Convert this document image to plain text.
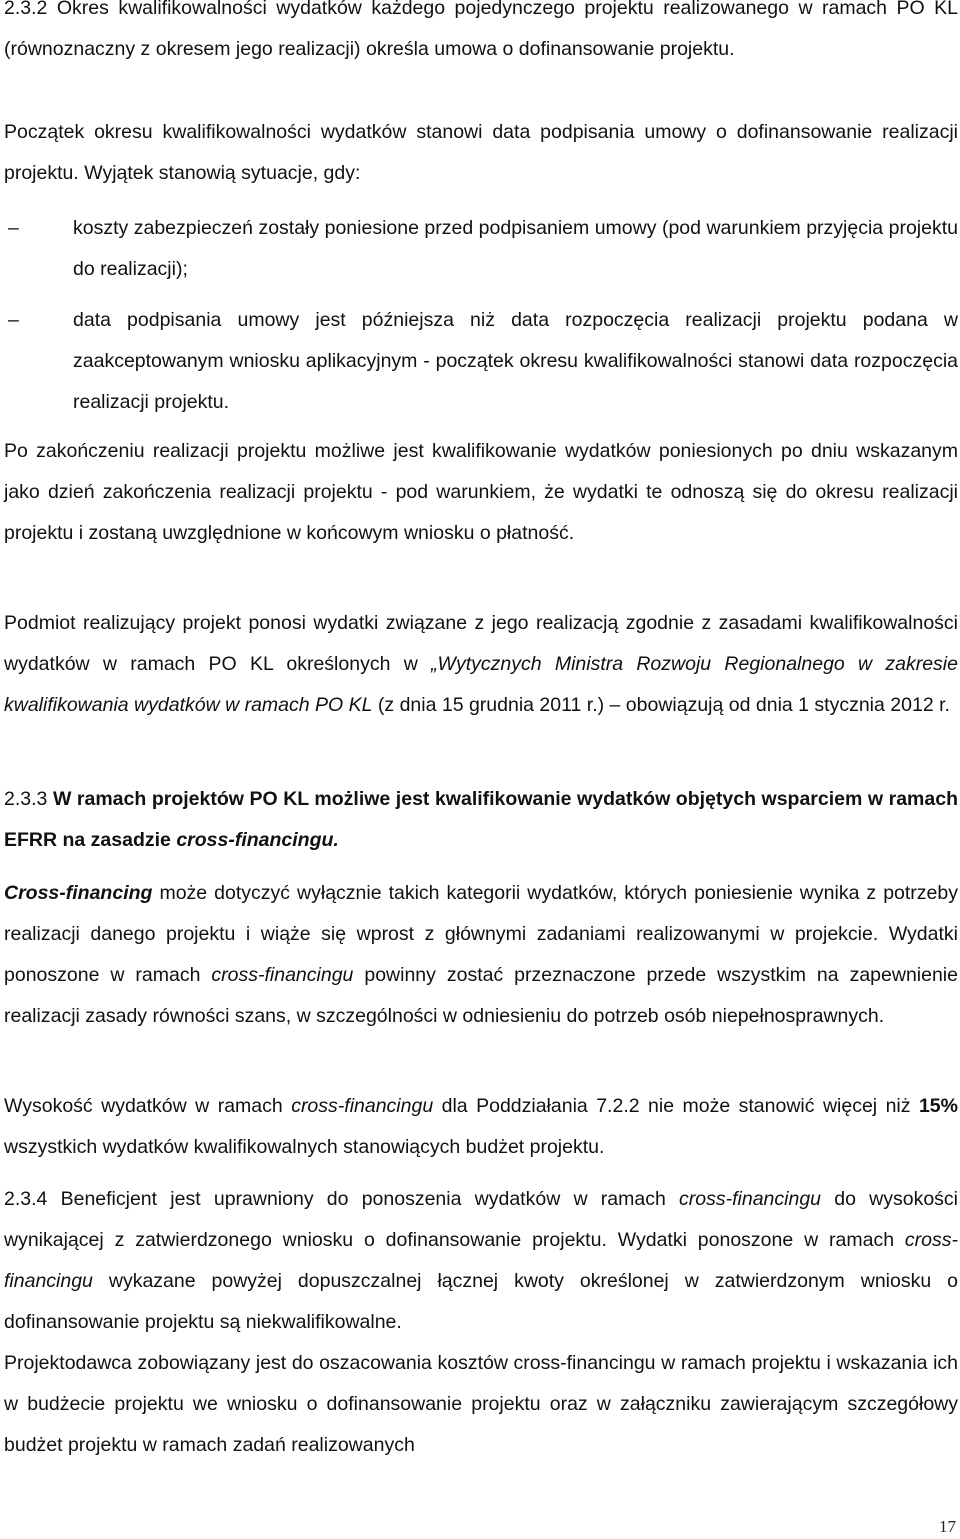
2.3.2 Okres kwalifikowalności wydatków każdego pojedynczego projektu realizowanego w ramach PO KL (równoznaczny z okresem jego realizacji) określa umowa o dofinansowanie projektu.

Początek okresu kwalifikowalności wydatków stanowi data podpisania umowy o dofinansowanie realizacji projektu. Wyjątek stanowią sytuacje, gdy:

–	koszty zabezpieczeń zostały poniesione przed podpisaniem umowy (pod warunkiem przyjęcia projektu do realizacji);

–	data podpisania umowy jest późniejsza niż data rozpoczęcia realizacji projektu podana w zaakceptowanym wniosku aplikacyjnym - początek okresu kwalifikowalności stanowi data rozpoczęcia realizacji projektu.

Po zakończeniu realizacji projektu możliwe jest kwalifikowanie wydatków poniesionych po dniu wskazanym jako dzień zakończenia realizacji projektu - pod warunkiem, że wydatki te odnoszą się do okresu realizacji projektu i zostaną uwzględnione w końcowym wniosku o płatność.

Podmiot realizujący projekt ponosi wydatki związane z jego realizacją zgodnie z zasadami kwalifikowalności wydatków w ramach PO KL określonych w „Wytycznych Ministra Rozwoju Regionalnego w zakresie kwalifikowania wydatków w ramach PO KL (z dnia 15 grudnia 2011 r.) – obowiązują od dnia 1 stycznia 2012 r.

2.3.3 W ramach projektów PO KL możliwe jest kwalifikowanie wydatków objętych wsparciem w ramach EFRR na zasadzie cross-financingu.

Cross-financing może dotyczyć wyłącznie takich kategorii wydatków, których poniesienie wynika z potrzeby realizacji danego projektu i wiąże się wprost z głównymi zadaniami realizowanymi w projekcie. Wydatki ponoszone w ramach cross-financingu powinny zostać przeznaczone przede wszystkim na zapewnienie realizacji zasady równości szans, w szczególności w odniesieniu do potrzeb osób niepełnosprawnych.

Wysokość wydatków w ramach cross-financingu dla Poddziałania 7.2.2 nie może stanowić więcej niż 15% wszystkich wydatków kwalifikowalnych stanowiących budżet projektu.

2.3.4 Beneficjent jest uprawniony do ponoszenia wydatków w ramach cross-financingu do wysokości wynikającej z zatwierdzonego wniosku o dofinansowanie projektu. Wydatki ponoszone w ramach cross-financingu wykazane powyżej dopuszczalnej łącznej kwoty określonej w zatwierdzonym wniosku o dofinansowanie projektu są niekwalifikowalne.

Projektodawca zobowiązany jest do oszacowania kosztów cross-financingu w ramach projektu i wskazania ich w budżecie projektu we wniosku o dofinansowanie projektu oraz w załączniku zawierającym szczegółowy budżet projektu w ramach zadań realizowanych

17
